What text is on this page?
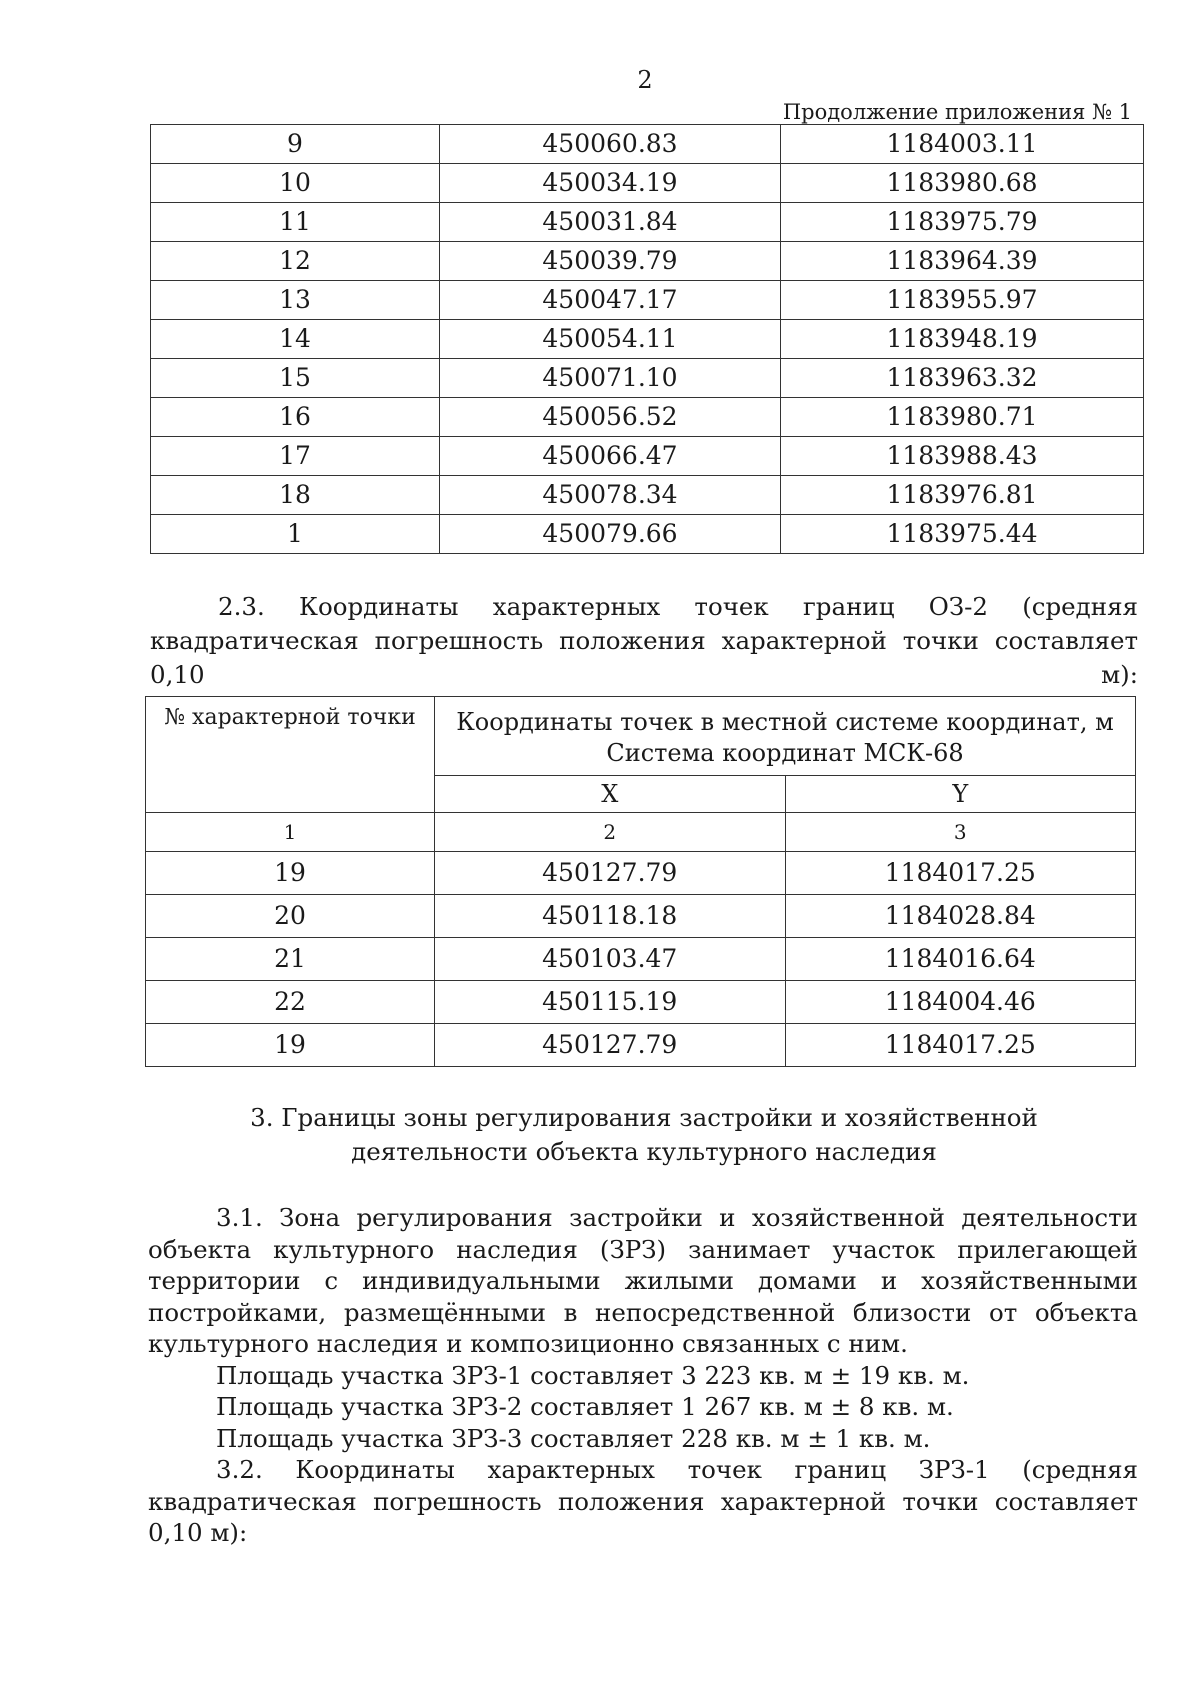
2
Продолжение приложения № 1
9	450060.83	1184003.11
10	450034.19	1183980.68
11	450031.84	1183975.79
12	450039.79	1183964.39
13	450047.17	1183955.97
14	450054.11	1183948.19
15	450071.10	1183963.32
16	450056.52	1183980.71
17	450066.47	1183988.43
18	450078.34	1183976.81
1	450079.66	1183975.44
2.3. Координаты характерных точек границ ОЗ-2 (средняя квадратическая погрешность положения характерной точки составляет 0,10 м):
№ характерной точки	Координаты точек в местной системе координат, м
Система координат МСК-68	

	X	Y
1	2	3
19	450127.79	1184017.25
20	450118.18	1184028.84
21	450103.47	1184016.64
22	450115.19	1184004.46
19	450127.79	1184017.25
3. Границы зоны регулирования застройки и хозяйственной
деятельности объекта культурного наследия

3.1. Зона регулирования застройки и хозяйственной деятельности объекта культурного наследия (ЗРЗ) занимает участок прилегающей территории с индивидуальными жилыми домами и хозяйственными постройками, размещёнными в непосредственной близости от объекта культурного наследия и композиционно связанных с ним.

Площадь участка ЗРЗ-1 составляет 3 223 кв. м ± 19 кв. м.

Площадь участка ЗРЗ-2 составляет 1 267 кв. м ± 8 кв. м.

Площадь участка ЗРЗ-3 составляет 228 кв. м ± 1 кв. м.

3.2. Координаты характерных точек границ ЗРЗ-1 (средняя квадратическая погрешность положения характерной точки составляет 0,10 м):
